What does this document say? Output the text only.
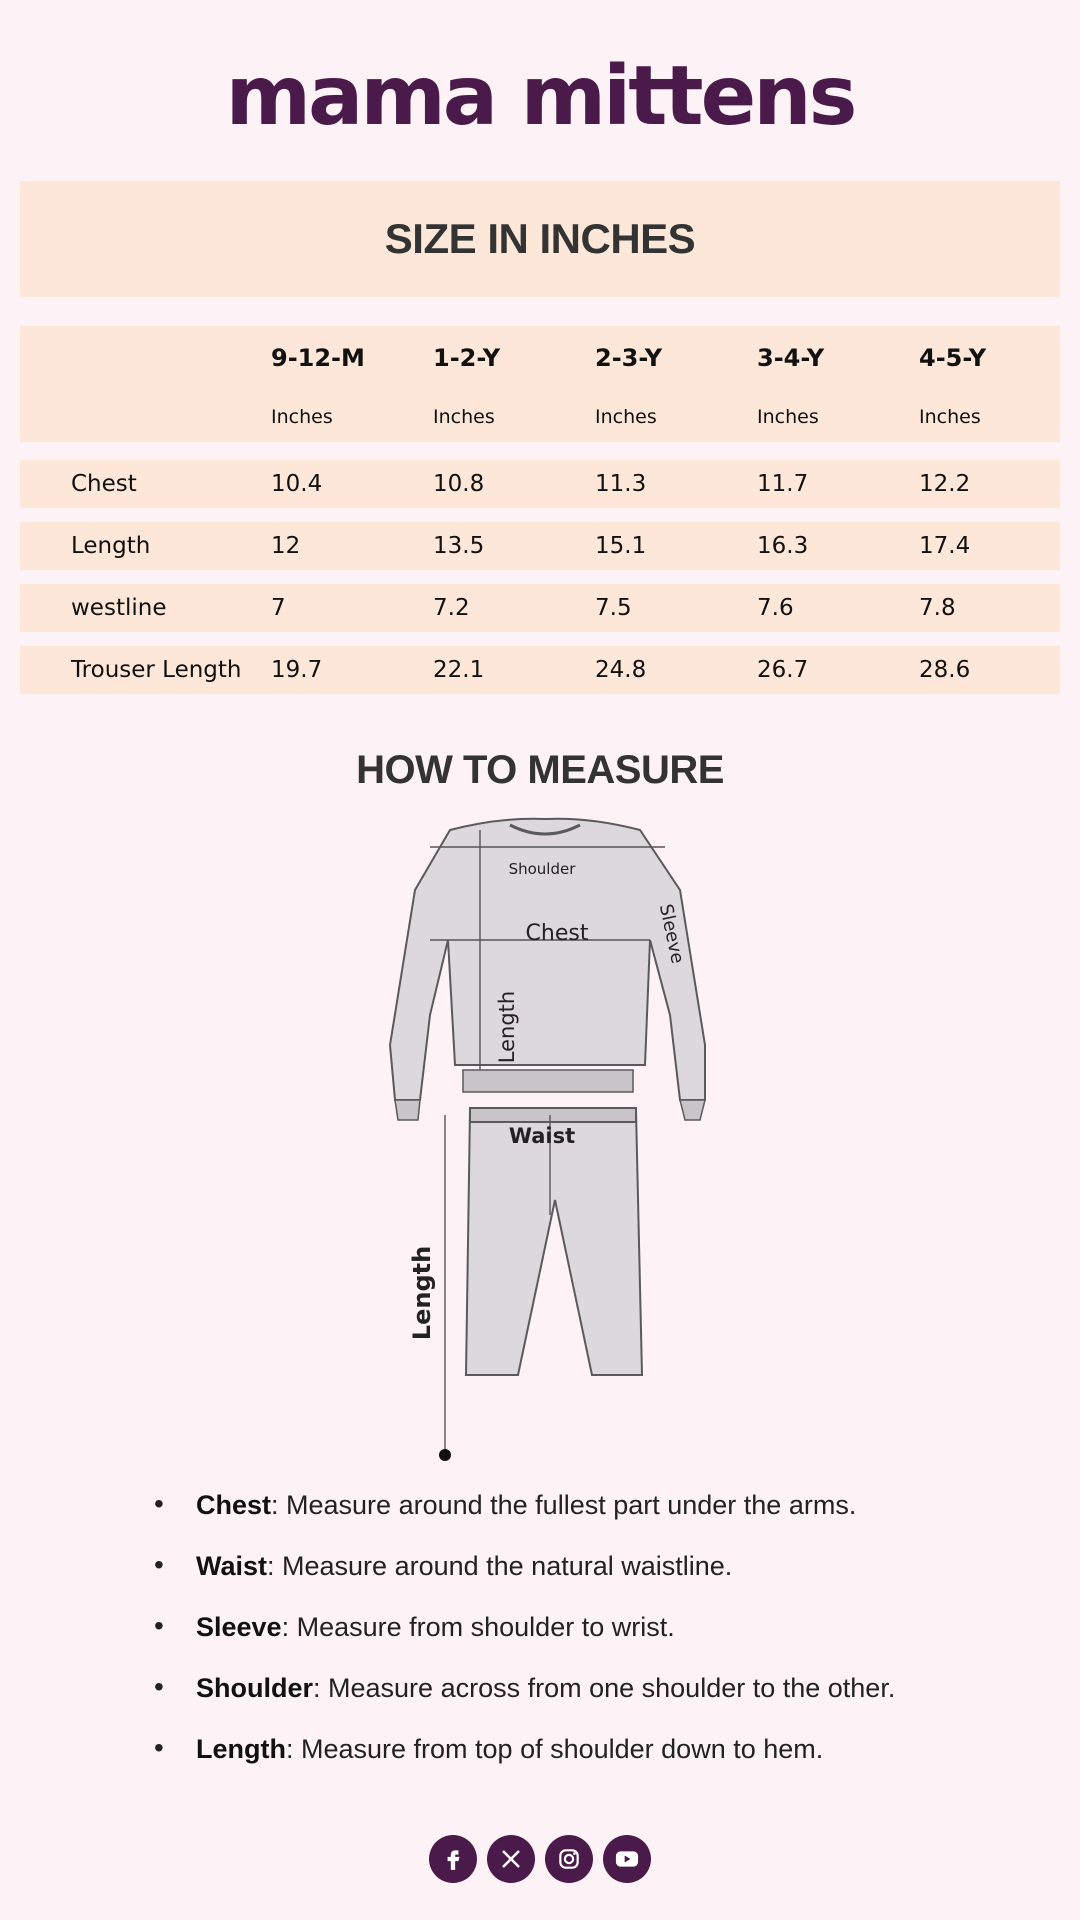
mama mittens
SIZE IN INCHES
9-12-M	1-2-Y	2-3-Y	3-4-Y	4-5-Y
Inches	Inches	Inches	Inches	Inches
Chest	10.4	10.8	11.3	11.7	12.2
Length	12	13.5	15.1	16.3	17.4
westline	7	7.2	7.5	7.6	7.8
Trouser Length 19.7	22.1	24.8	26.7	28.6
HOW TO MEASURE
Shoulder
Chest	Sleeve
Length
Waist
Length
• Chest: Measure around the fullest part under the arms.
• Waist: Measure around the natural waistline.
• Sleeve: Measure from shoulder to wrist.
• Shoulder: Measure across from one shoulder to the other.
• Length: Measure from top of shoulder down to hem.
